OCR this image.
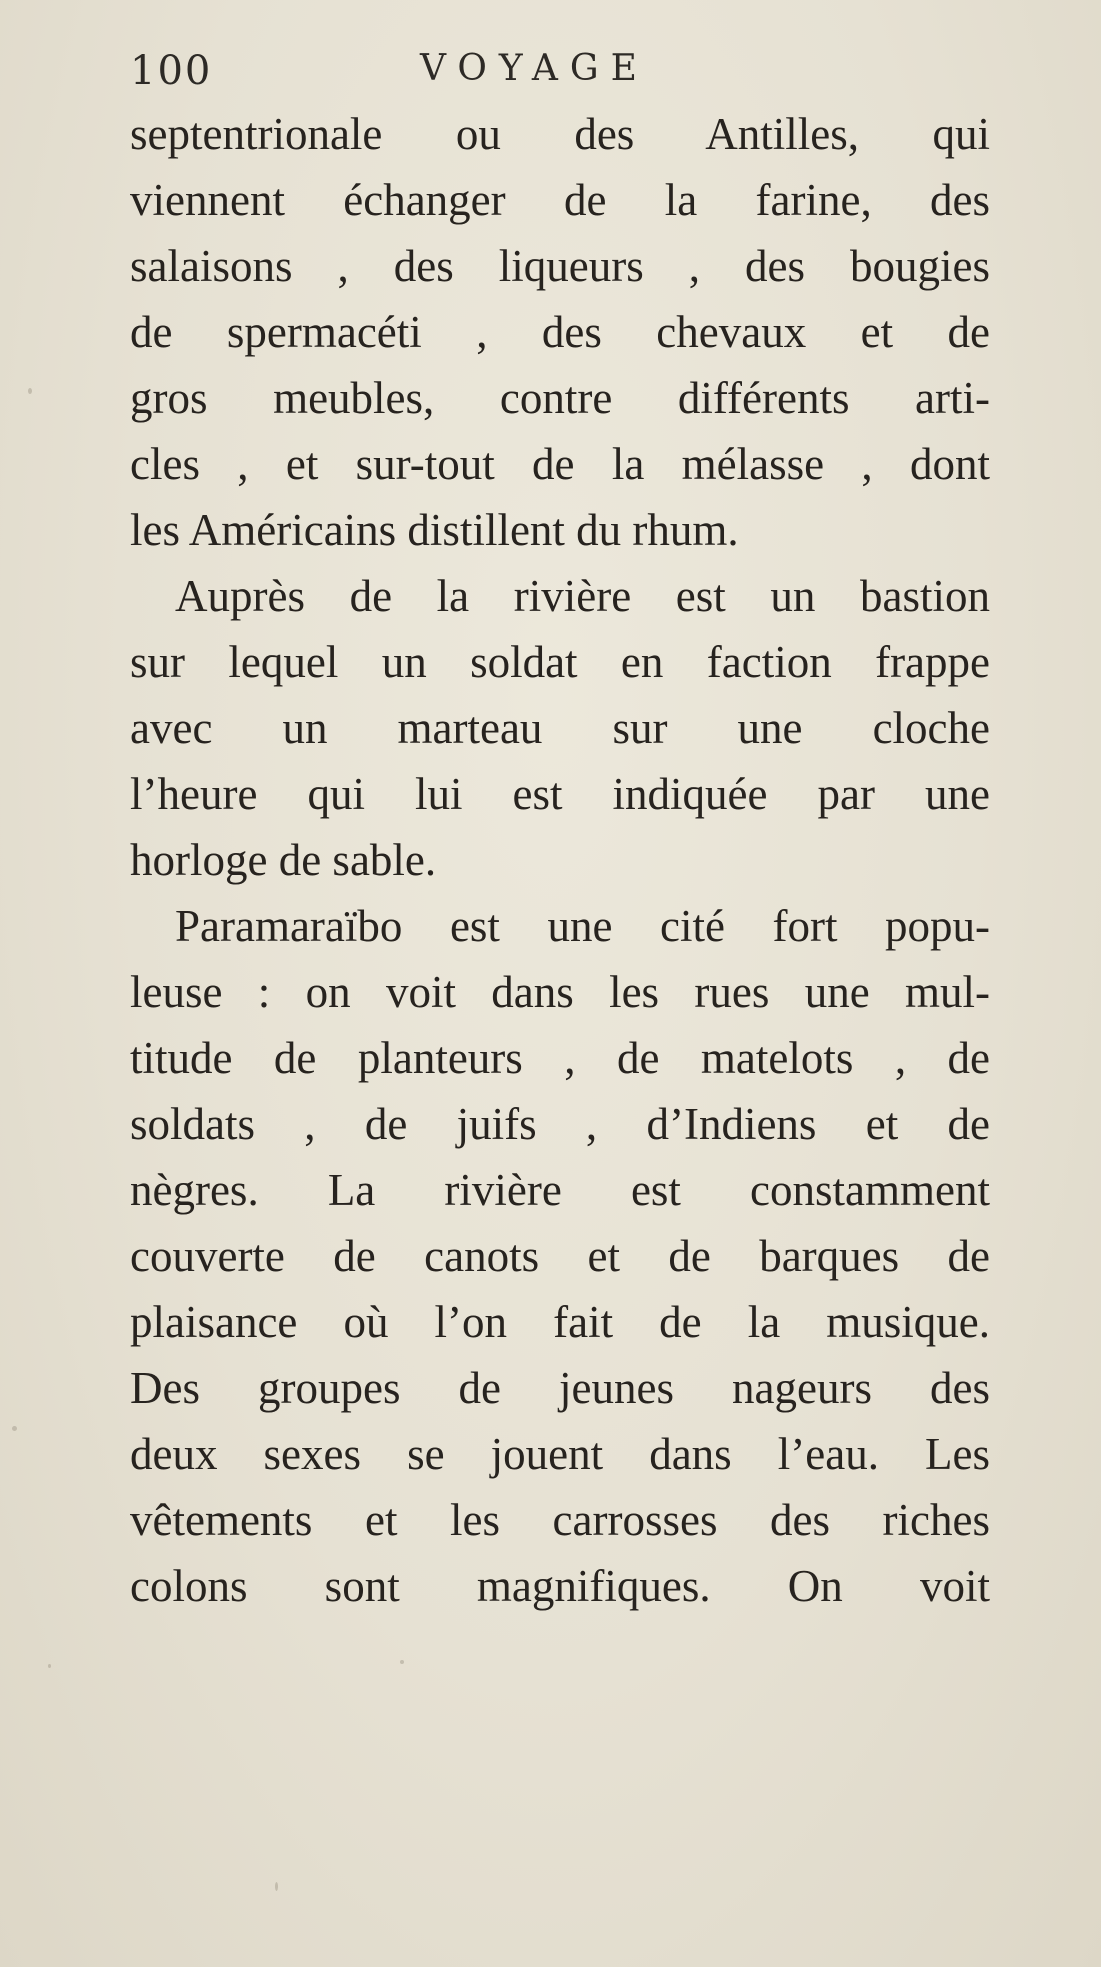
100	VOYAGE
septentrionale ou des Antilles, qui
viennent échanger de la farine, des
salaisons , des liqueurs , des bougies
de spermacéti , des chevaux et de
gros meubles, contre différents arti-
cles , et sur-tout de la mélasse , dont
les Américains distillent du rhum.
Auprès de la rivière est un bastion
sur lequel un soldat en faction frappe
avec un marteau sur une cloche
l’heure qui lui est indiquée par une
horloge de sable.
Paramaraïbo est une cité fort popu-
leuse : on voit dans les rues une mul-
titude de planteurs , de matelots , de
soldats , de juifs , d’Indiens et de
nègres. La rivière est constamment
couverte de canots et de barques de
plaisance où l’on fait de la musique.
Des groupes de jeunes nageurs des
deux sexes se jouent dans l’eau. Les
vêtements et les carrosses des riches
colons sont magnifiques. On voit
